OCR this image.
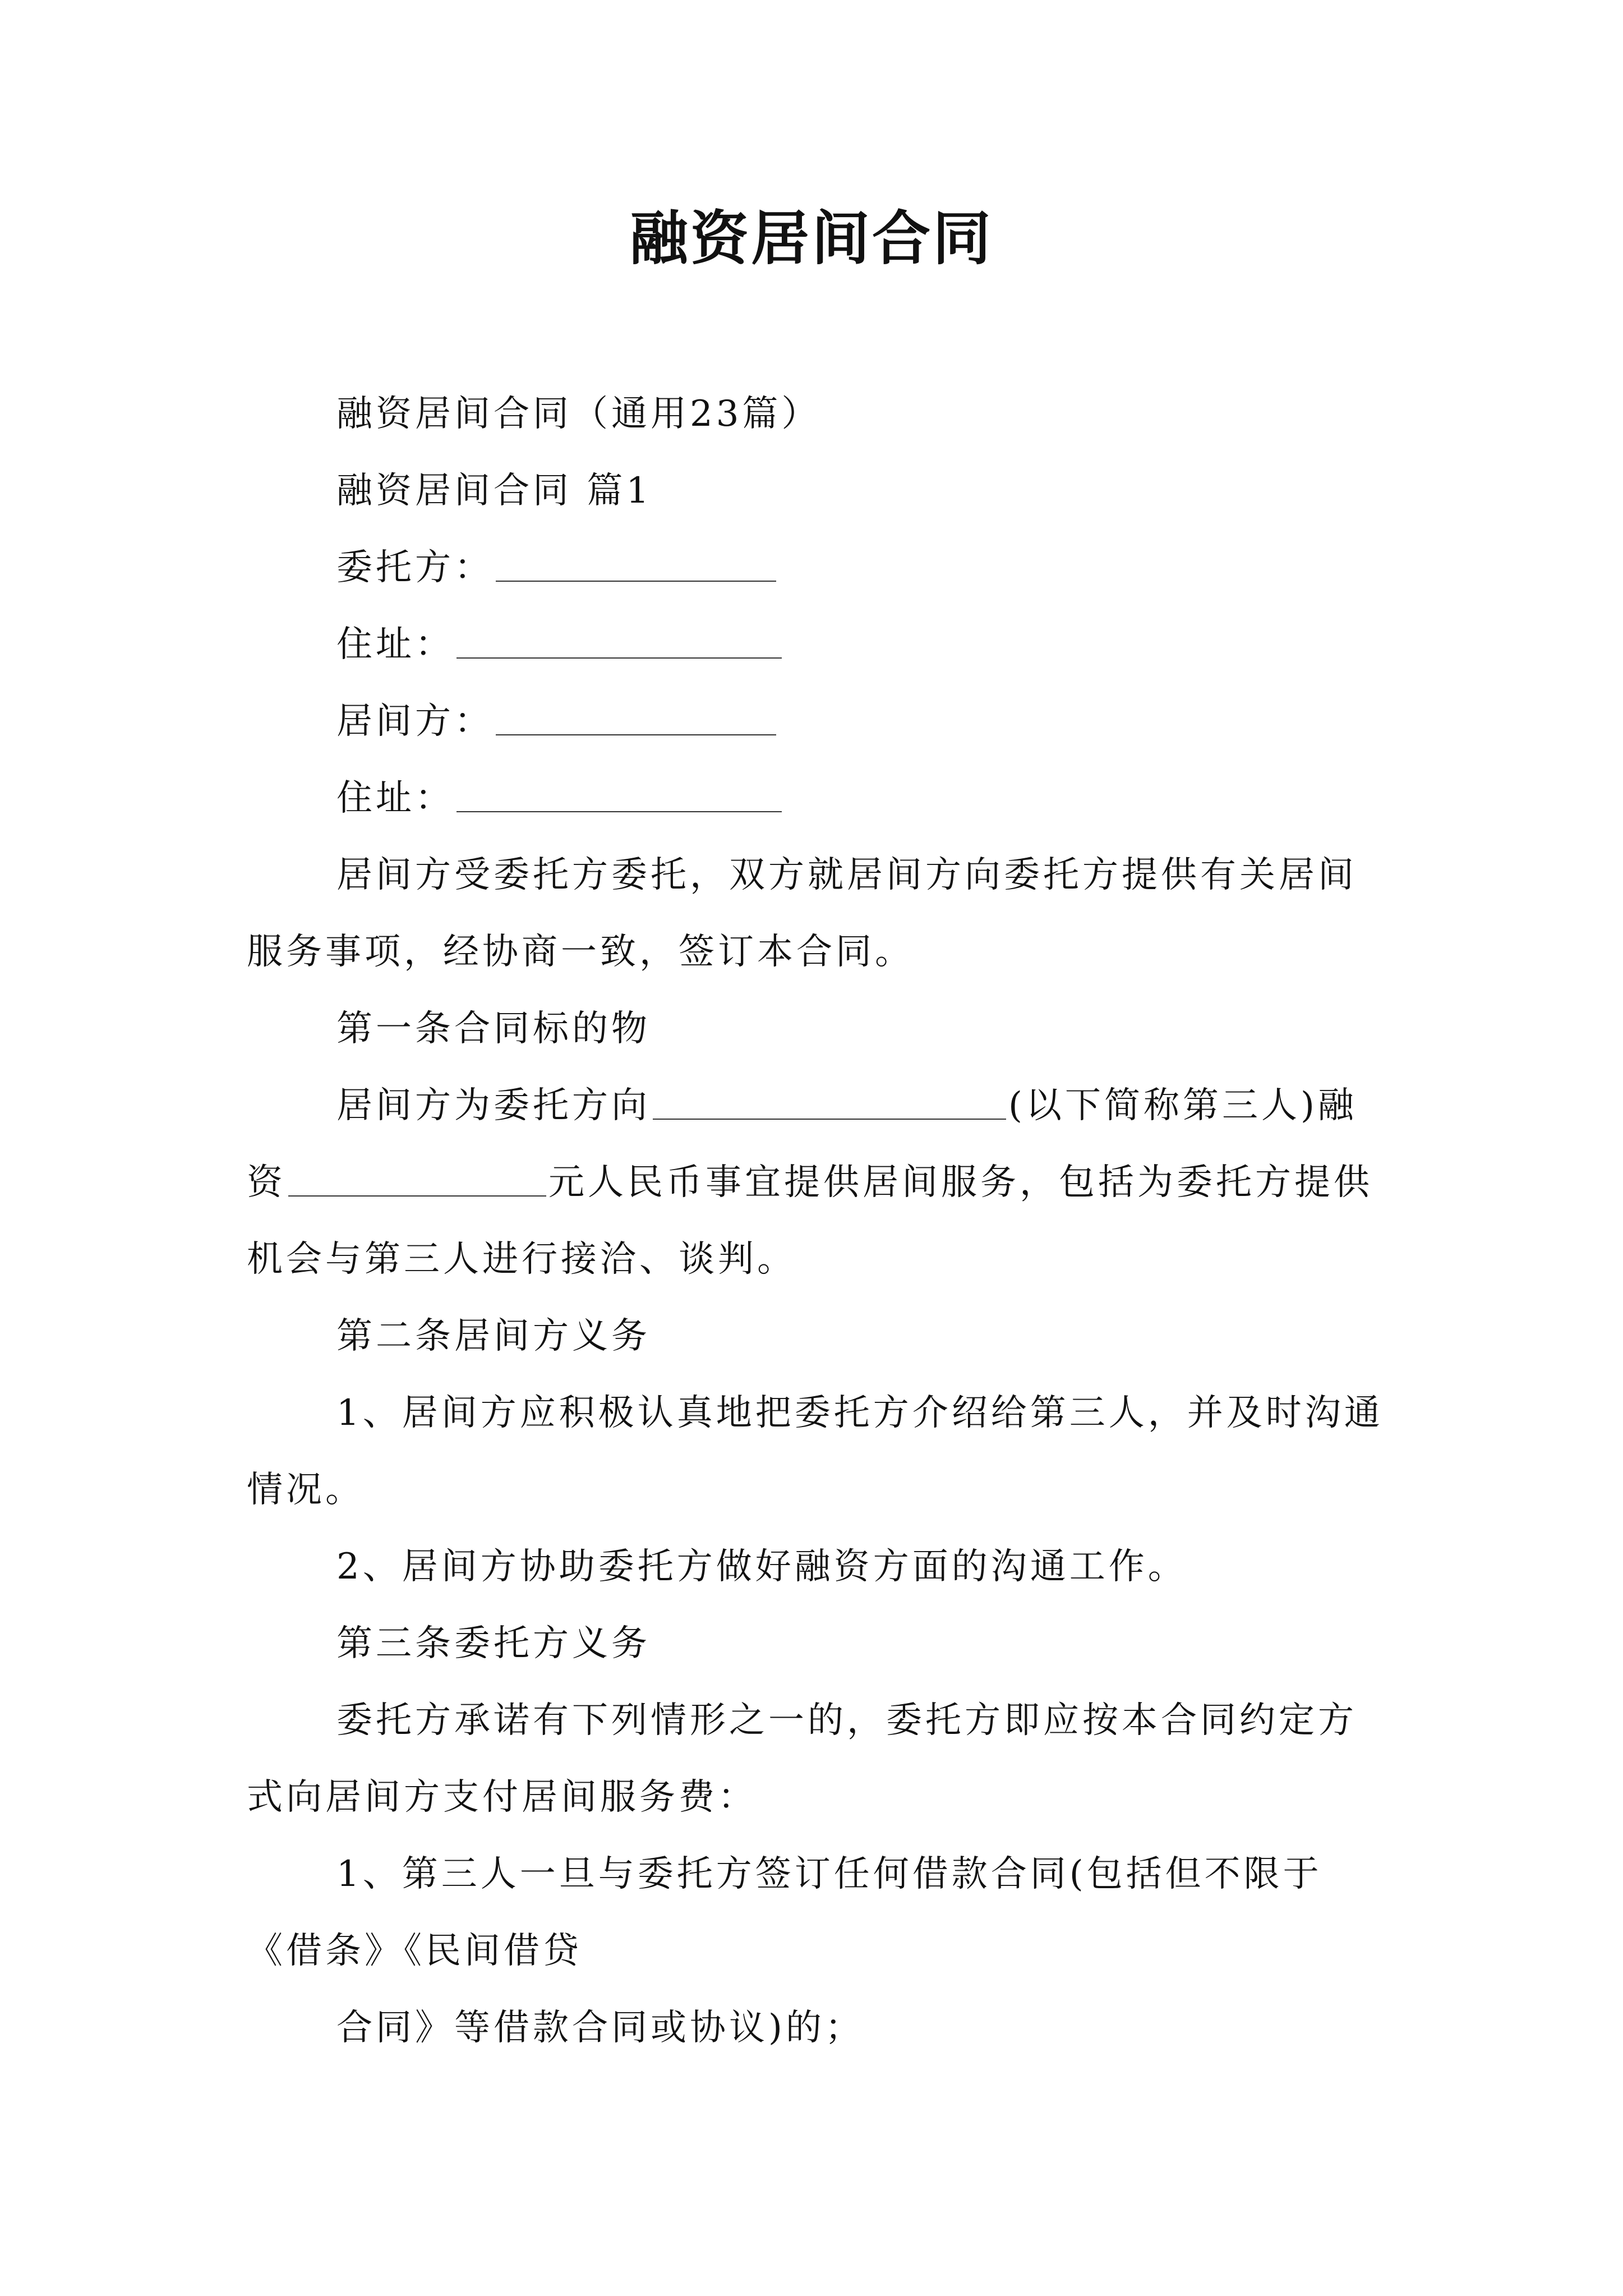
融资居间合同

融资居间合同（通用23篇）

融资居间合同 篇1

委托方：

住址：

居间方：

住址：

居间方受委托方委托，双方就居间方向委托方提供有关居间服务事项，经协商一致，签订本合同。

第一条合同标的物

居间方为委托方向	(以下简称第三人)融资	元人民币事宜提供居间服务，包括为委托方提供机会与第三人进行接洽、谈判。

第二条居间方义务

1、居间方应积极认真地把委托方介绍给第三人，并及时沟通情况。

2、居间方协助委托方做好融资方面的沟通工作。

第三条委托方义务

委托方承诺有下列情形之一的，委托方即应按本合同约定方式向居间方支付居间服务费：

1、第三人一旦与委托方签订任何借款合同(包括但不限于《借条》《民间借贷

合同》等借款合同或协议)的；
